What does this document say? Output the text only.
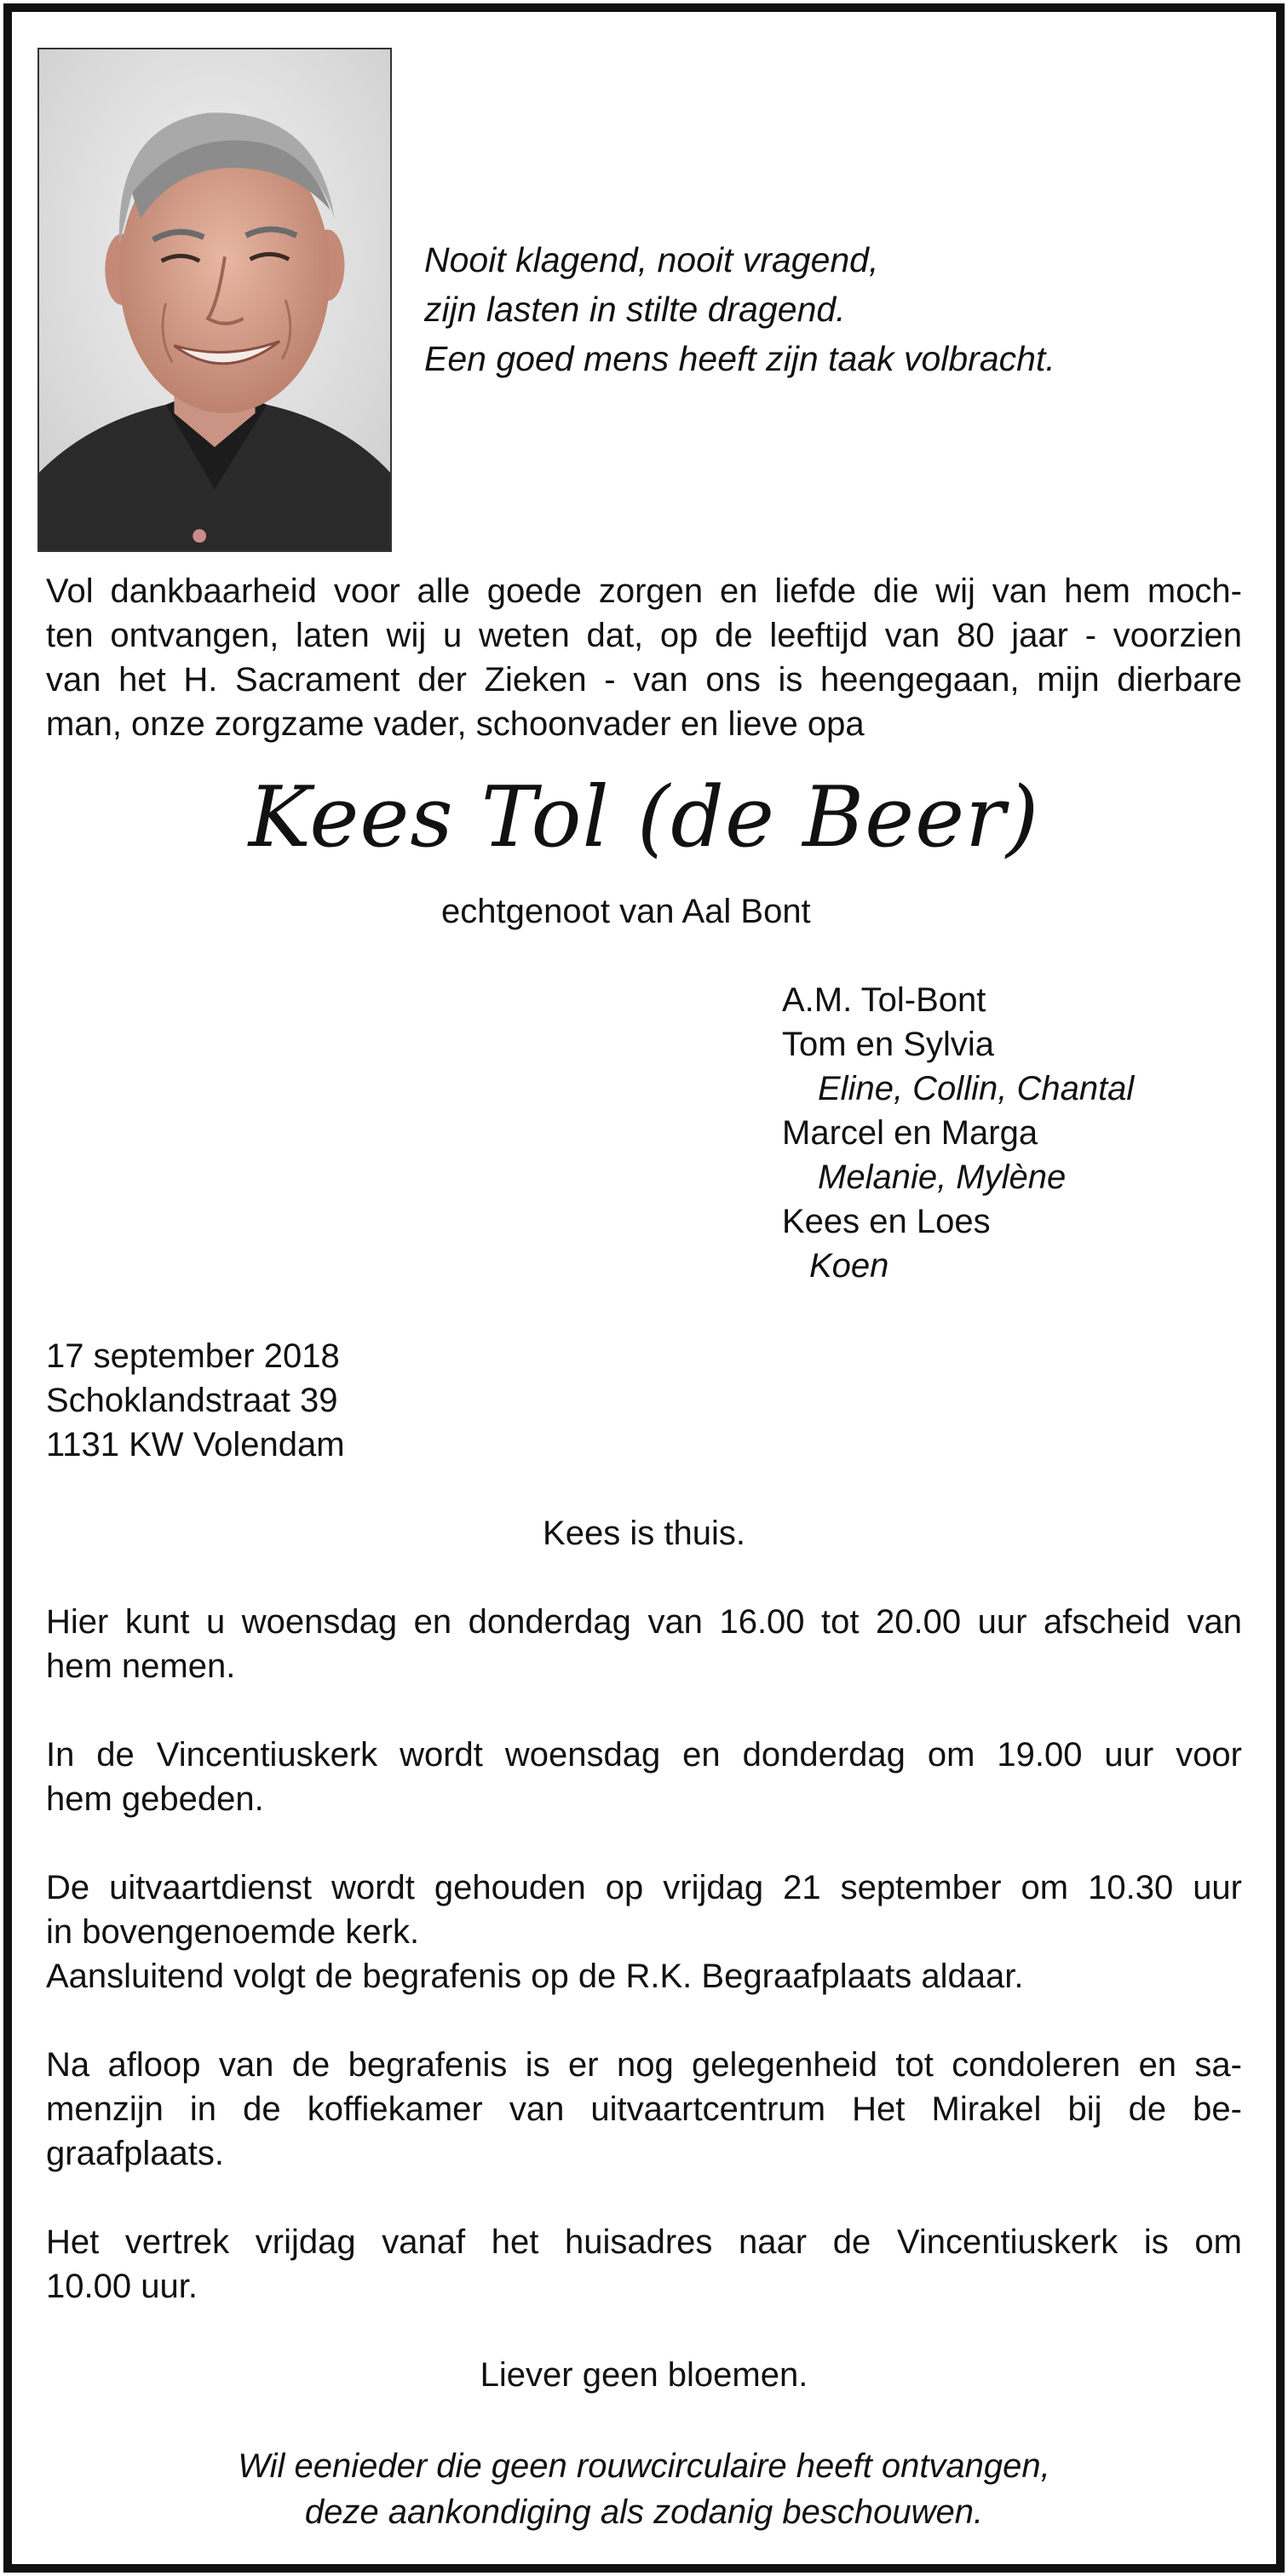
Nooit klagend, nooit vragend,
zijn lasten in stilte dragend.
Een goed mens heeft zijn taak volbracht.
Vol dankbaarheid voor alle goede zorgen en liefde die wij van hem moch-
ten ontvangen, laten wij u weten dat, op de leeftijd van 80 jaar - voorzien
van het H. Sacrament der Zieken - van ons is heengegaan, mijn dierbare
man, onze zorgzame vader, schoonvader en lieve opa
Kees Tol (de Beer)
echtgenoot van Aal Bont
A.M. Tol-Bont
Tom en Sylvia
Eline, Collin, Chantal
Marcel en Marga
Melanie, Mylène
Kees en Loes
Koen
17 september 2018
Schoklandstraat 39
1131 KW Volendam
Kees is thuis.
Hier kunt u woensdag en donderdag van 16.00 tot 20.00 uur afscheid van
hem nemen.
In de Vincentiuskerk wordt woensdag en donderdag om 19.00 uur voor
hem gebeden.
De uitvaartdienst wordt gehouden op vrijdag 21 september om 10.30 uur
in bovengenoemde kerk.
Aansluitend volgt de begrafenis op de R.K. Begraafplaats aldaar.
Na afloop van de begrafenis is er nog gelegenheid tot condoleren en sa-
menzijn in de koffiekamer van uitvaartcentrum Het Mirakel bij de be-
graafplaats.
Het vertrek vrijdag vanaf het huisadres naar de Vincentiuskerk is om
10.00 uur.
Liever geen bloemen.
Wil eenieder die geen rouwcirculaire heeft ontvangen,
deze aankondiging als zodanig beschouwen.
